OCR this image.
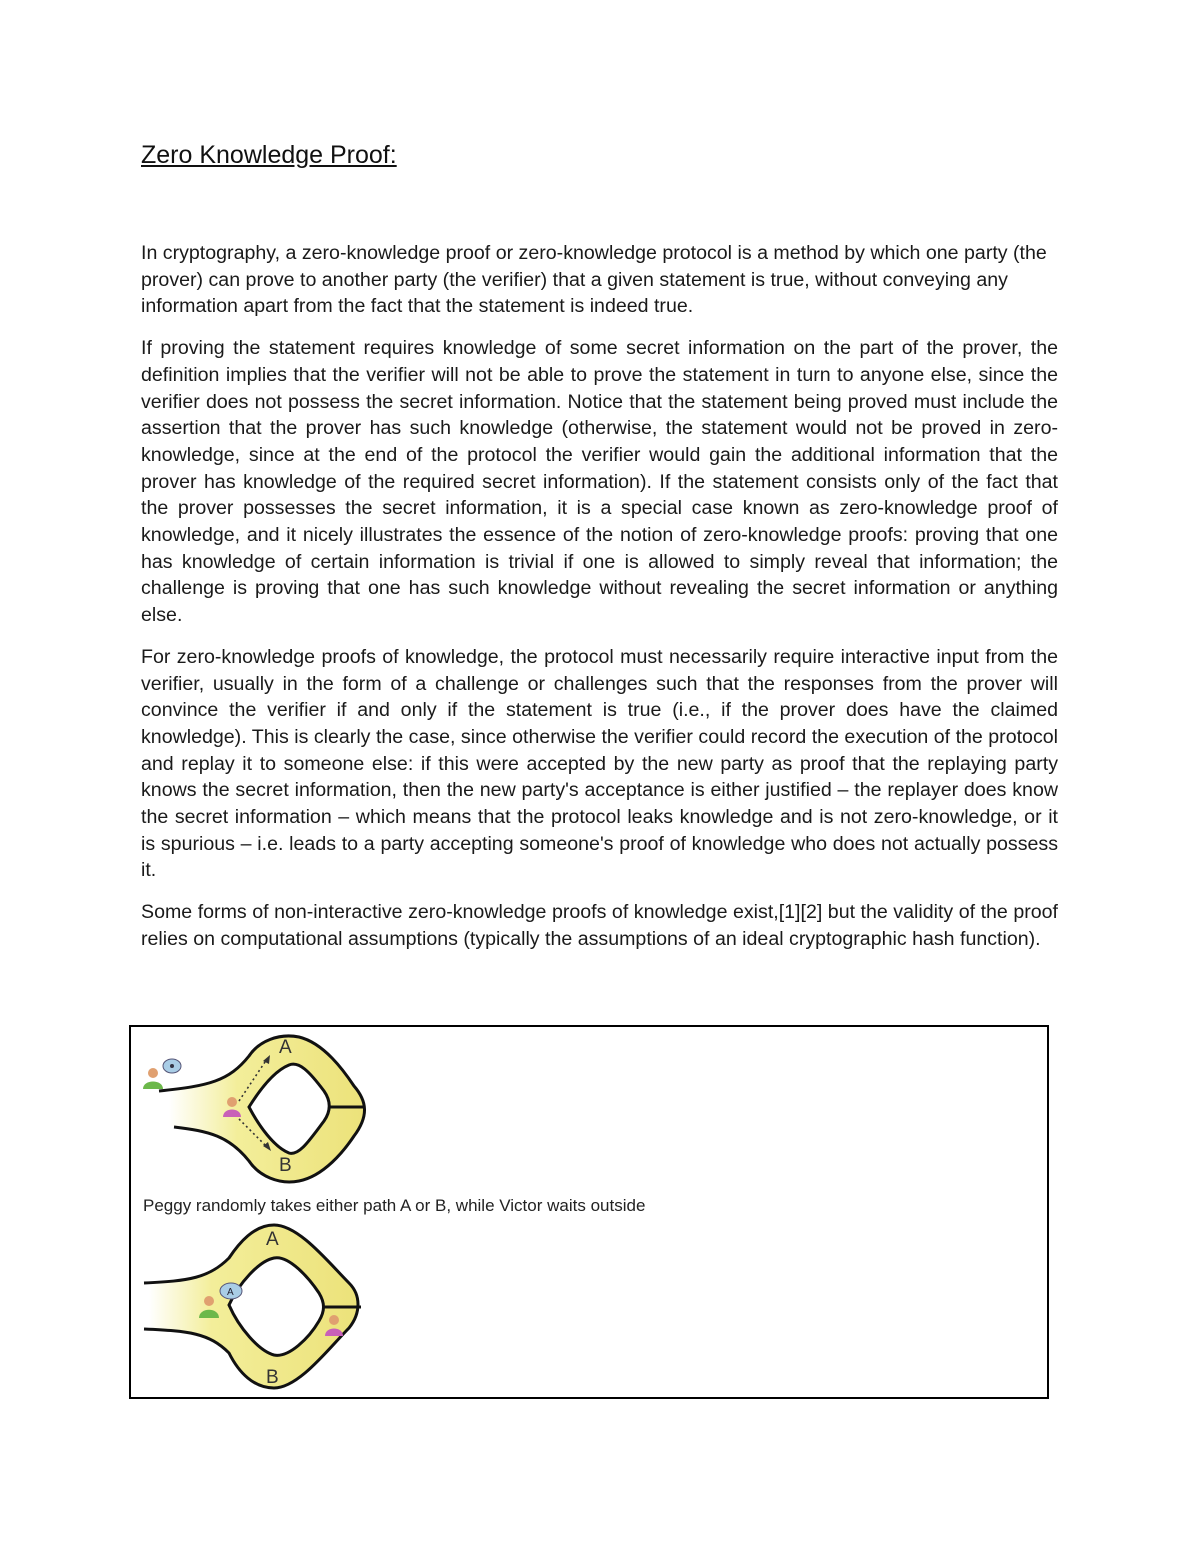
Zero Knowledge Proof:

In cryptography, a zero-knowledge proof or zero-knowledge protocol is a method by which one party (the prover) can prove to another party (the verifier) that a given statement is true, without conveying any information apart from the fact that the statement is indeed true.

If proving the statement requires knowledge of some secret information on the part of the prover, the definition implies that the verifier will not be able to prove the statement in turn to anyone else, since the verifier does not possess the secret information. Notice that the statement being proved must include the assertion that the prover has such knowledge (otherwise, the statement would not be proved in zero-knowledge, since at the end of the protocol the verifier would gain the additional information that the prover has knowledge of the required secret information). If the statement consists only of the fact that the prover possesses the secret information, it is a special case known as zero-knowledge proof of knowledge, and it nicely illustrates the essence of the notion of zero-knowledge proofs: proving that one has knowledge of certain information is trivial if one is allowed to simply reveal that information; the challenge is proving that one has such knowledge without revealing the secret information or anything else.

For zero-knowledge proofs of knowledge, the protocol must necessarily require interactive input from the verifier, usually in the form of a challenge or challenges such that the responses from the prover will convince the verifier if and only if the statement is true (i.e., if the prover does have the claimed knowledge). This is clearly the case, since otherwise the verifier could record the execution of the protocol and replay it to someone else: if this were accepted by the new party as proof that the replaying party knows the secret information, then the new party's acceptance is either justified – the replayer does know the secret information – which means that the protocol leaks knowledge and is not zero-knowledge, or it is spurious – i.e. leads to a party accepting someone's proof of knowledge who does not actually possess it.

Some forms of non-interactive zero-knowledge proofs of knowledge exist,[1][2] but the validity of the proof relies on computational assumptions (typically the assumptions of an ideal cryptographic hash function).

A
B
Peggy randomly takes either path A or B, while Victor waits outside
A
B
A
